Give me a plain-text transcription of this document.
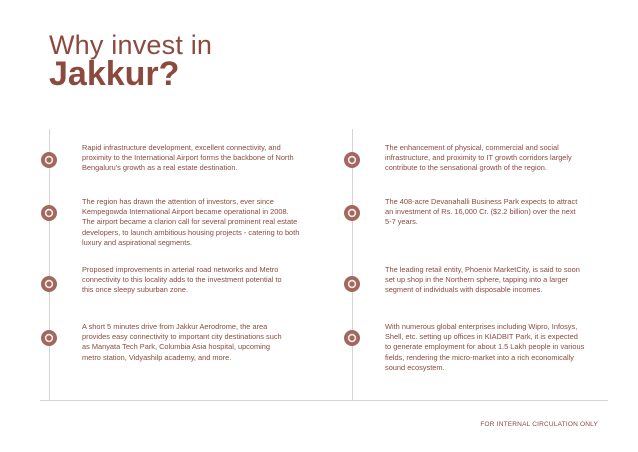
Why invest in
Jakkur?
Rapid infrastructure development, excellent connectivity, and proximity to the International Airport forms the backbone of North Bengaluru's growth as a real estate destination.
The region has drawn the attention of investors, ever since Kempegowda International Airport became operational in 2008. The airport became a clarion call for several prominent real estate developers, to launch ambitious housing projects - catering to both luxury and aspirational segments.
Proposed improvements in arterial road networks and Metro connectivity to this locality adds to the investment potential to this once sleepy suburban zone.
A short 5 minutes drive from Jakkur Aerodrome, the area provides easy connectivity to important city destinations such as Manyata Tech Park, Columbia Asia hospital, upcoming metro station, Vidyashilp academy, and more.
The enhancement of physical, commercial and social infrastructure, and proximity to IT growth corridors largely contribute to the sensational growth of the region.
The 408-acre Devanahalli Business Park expects to attract an investment of Rs. 16,000 Cr. ($2.2 billion) over the next 5-7 years.
The leading retail entity, Phoenix MarketCity, is said to soon set up shop in the Northern sphere, tapping into a larger segment of individuals with disposable incomes.
With numerous global enterprises including Wipro, Infosys, Shell, etc. setting up offices in KIADBIT Park, it is expected to generate employment for about 1.5 Lakh people in various fields, rendering the micro-market into a rich economically sound ecosystem.
FOR INTERNAL CIRCULATION ONLY
